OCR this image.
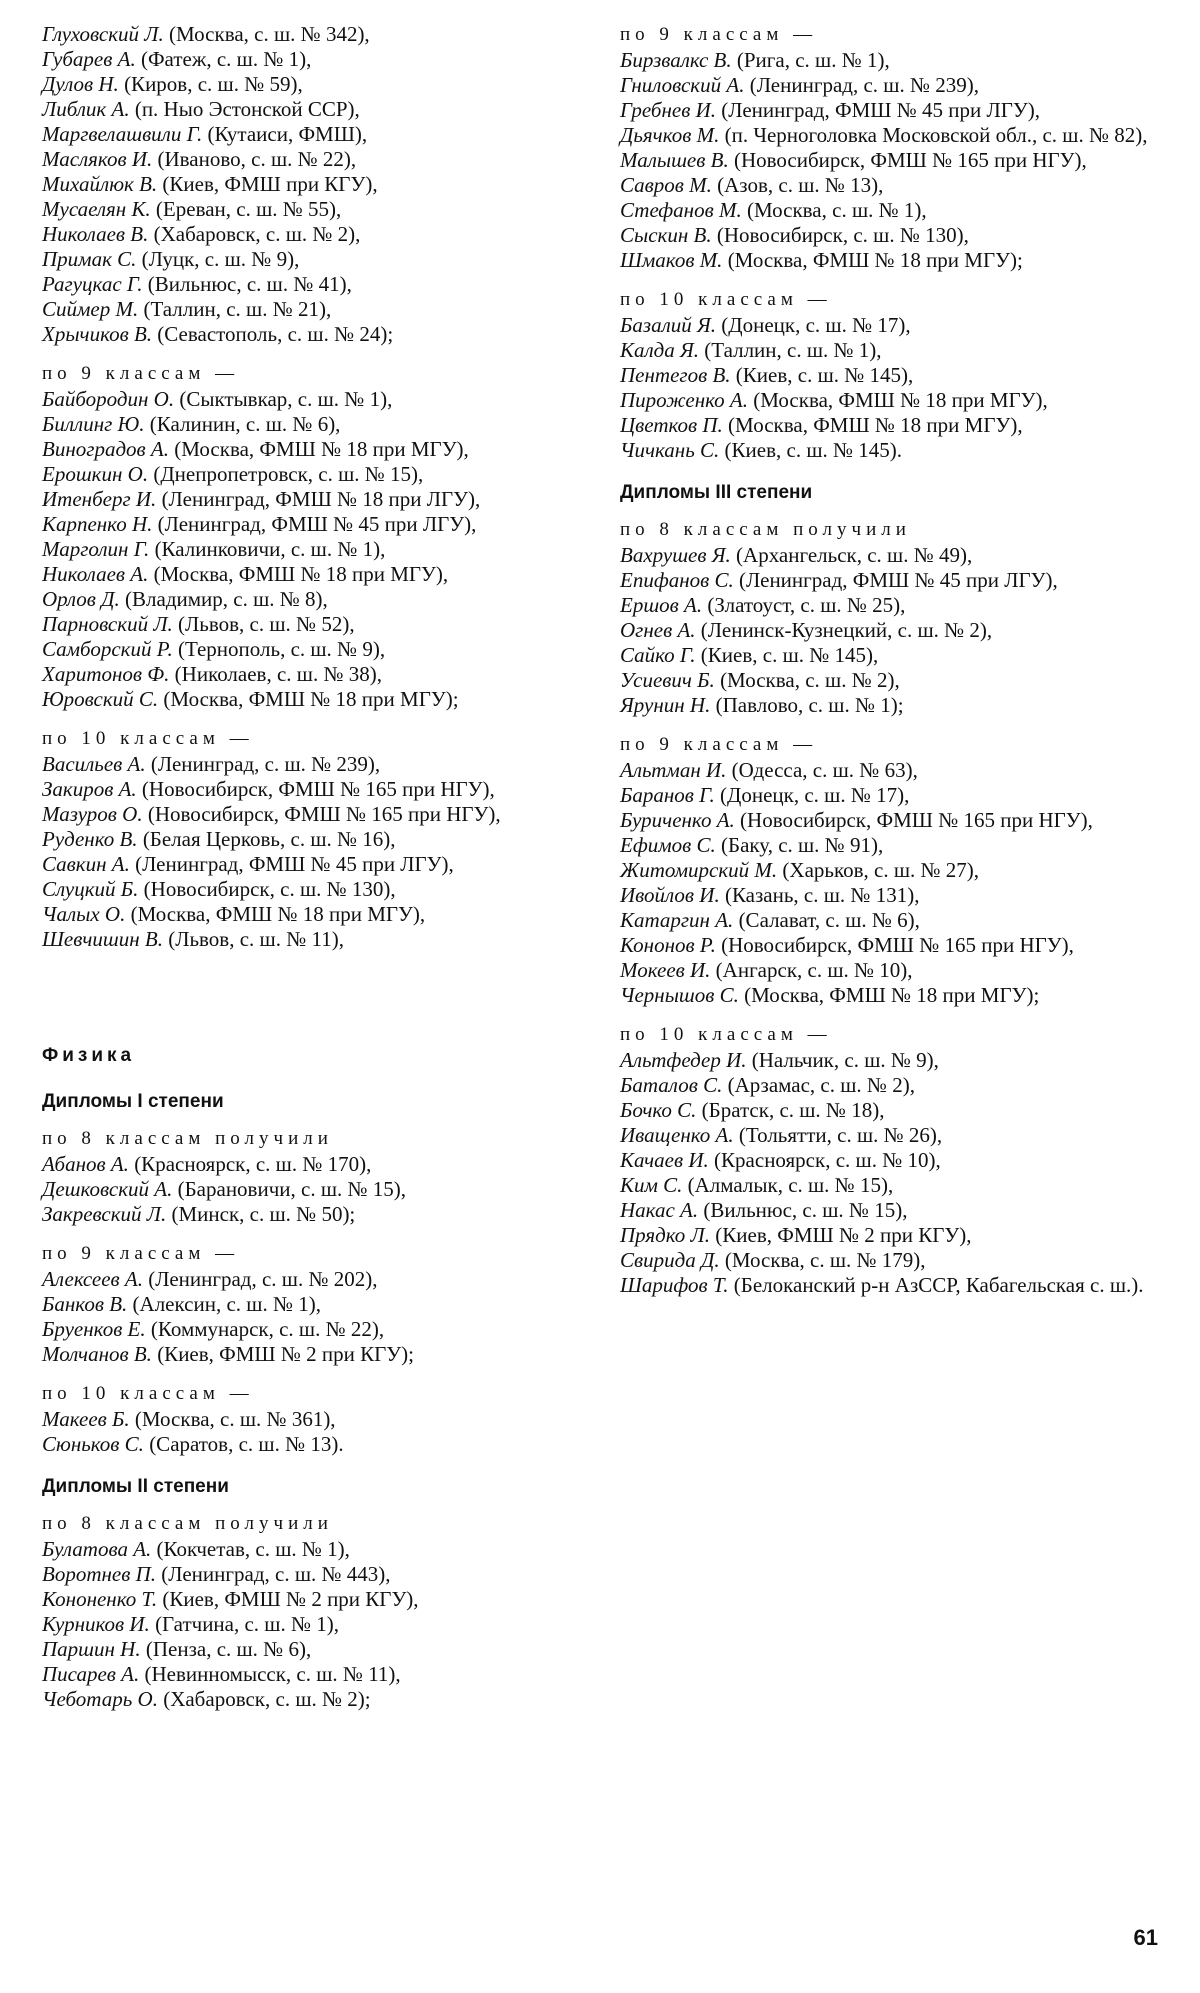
Глуховский Л. (Москва, с. ш. № 342),
Губарев А. (Фатеж, с. ш. № 1),
Дулов Н. (Киров, с. ш. № 59),
Либлик А. (п. Ныо Эстонской ССР),
Маргвелашвили Г. (Кутаиси, ФМШ),
Масляков И. (Иваново, с. ш. № 22),
Михайлюк В. (Киев, ФМШ при КГУ),
Мусаелян К. (Ереван, с. ш. № 55),
Николаев В. (Хабаровск, с. ш. № 2),
Примак С. (Луцк, с. ш. № 9),
Рагуцкас Г. (Вильнюс, с. ш. № 41),
Сиймер М. (Таллин, с. ш. № 21),
Хрычиков В. (Севастополь, с. ш. № 24);
по 9 классам —
Байбородин О. (Сыктывкар, с. ш. № 1),
Биллинг Ю. (Калинин, с. ш. № 6),
Виноградов А. (Москва, ФМШ № 18 при МГУ),
Ерошкин О. (Днепропетровск, с. ш. № 15),
Итенберг И. (Ленинград, ФМШ № 18 при ЛГУ),
Карпенко Н. (Ленинград, ФМШ № 45 при ЛГУ),
Марголин Г. (Калинковичи, с. ш. № 1),
Николаев А. (Москва, ФМШ № 18 при МГУ),
Орлов Д. (Владимир, с. ш. № 8),
Парновский Л. (Львов, с. ш. № 52),
Самборский Р. (Тернополь, с. ш. № 9),
Харитонов Ф. (Николаев, с. ш. № 38),
Юровский С. (Москва, ФМШ № 18 при МГУ);
по 10 классам —
Васильев А. (Ленинград, с. ш. № 239),
Закиров А. (Новосибирск, ФМШ № 165 при НГУ),
Мазуров О. (Новосибирск, ФМШ № 165 при НГУ),
Руденко В. (Белая Церковь, с. ш. № 16),
Савкин А. (Ленинград, ФМШ № 45 при ЛГУ),
Слуцкий Б. (Новосибирск, с. ш. № 130),
Чалых О. (Москва, ФМШ № 18 при МГУ),
Шевчишин В. (Львов, с. ш. № 11),
Физика
Дипломы I степени
по 8 классам получили
Абанов А. (Красноярск, с. ш. № 170),
Дешковский А. (Барановичи, с. ш. № 15),
Закревский Л. (Минск, с. ш. № 50);
по 9 классам —
Алексеев А. (Ленинград, с. ш. № 202),
Банков В. (Алексин, с. ш. № 1),
Бруенков Е. (Коммунарск, с. ш. № 22),
Молчанов В. (Киев, ФМШ № 2 при КГУ);
по 10 классам —
Макеев Б. (Москва, с. ш. № 361),
Сюньков С. (Саратов, с. ш. № 13).
Дипломы II степени
по 8 классам получили
Булатова А. (Кокчетав, с. ш. № 1),
Воротнев П. (Ленинград, с. ш. № 443),
Кононенко Т. (Киев, ФМШ № 2 при КГУ),
Курников И. (Гатчина, с. ш. № 1),
Паршин Н. (Пенза, с. ш. № 6),
Писарев А. (Невинномысск, с. ш. № 11),
Чеботарь О. (Хабаровск, с. ш. № 2);
по 9 классам —
Бирзвалкс В. (Рига, с. ш. № 1),
Гниловский А. (Ленинград, с. ш. № 239),
Гребнев И. (Ленинград, ФМШ № 45 при ЛГУ),
Дьячков М. (п. Черноголовка Московской обл., с. ш. № 82),
Малышев В. (Новосибирск, ФМШ № 165 при НГУ),
Савров М. (Азов, с. ш. № 13),
Стефанов М. (Москва, с. ш. № 1),
Сыскин В. (Новосибирск, с. ш. № 130),
Шмаков М. (Москва, ФМШ № 18 при МГУ);
по 10 классам —
Базалий Я. (Донецк, с. ш. № 17),
Калда Я. (Таллин, с. ш. № 1),
Пентегов В. (Киев, с. ш. № 145),
Пироженко А. (Москва, ФМШ № 18 при МГУ),
Цветков П. (Москва, ФМШ № 18 при МГУ),
Чичкань С. (Киев, с. ш. № 145).
Дипломы III степени
по 8 классам получили
Вахрушев Я. (Архангельск, с. ш. № 49),
Епифанов С. (Ленинград, ФМШ № 45 при ЛГУ),
Ершов А. (Златоуст, с. ш. № 25),
Огнев А. (Ленинск-Кузнецкий, с. ш. № 2),
Сайко Г. (Киев, с. ш. № 145),
Усиевич Б. (Москва, с. ш. № 2),
Ярунин Н. (Павлово, с. ш. № 1);
по 9 классам —
Альтман И. (Одесса, с. ш. № 63),
Баранов Г. (Донецк, с. ш. № 17),
Буриченко А. (Новосибирск, ФМШ № 165 при НГУ),
Ефимов С. (Баку, с. ш. № 91),
Житомирский М. (Харьков, с. ш. № 27),
Ивойлов И. (Казань, с. ш. № 131),
Катаргин А. (Салават, с. ш. № 6),
Кононов Р. (Новосибирск, ФМШ № 165 при НГУ),
Мокеев И. (Ангарск, с. ш. № 10),
Чернышов С. (Москва, ФМШ № 18 при МГУ);
по 10 классам —
Альтфедер И. (Нальчик, с. ш. № 9),
Баталов С. (Арзамас, с. ш. № 2),
Бочко С. (Братск, с. ш. № 18),
Иващенко А. (Тольятти, с. ш. № 26),
Качаев И. (Красноярск, с. ш. № 10),
Ким С. (Алмалык, с. ш. № 15),
Накас А. (Вильнюс, с. ш. № 15),
Прядко Л. (Киев, ФМШ № 2 при КГУ),
Свирида Д. (Москва, с. ш. № 179),
Шарифов Т. (Белоканский р-н АзССР, Кабагельская с. ш.).
61
